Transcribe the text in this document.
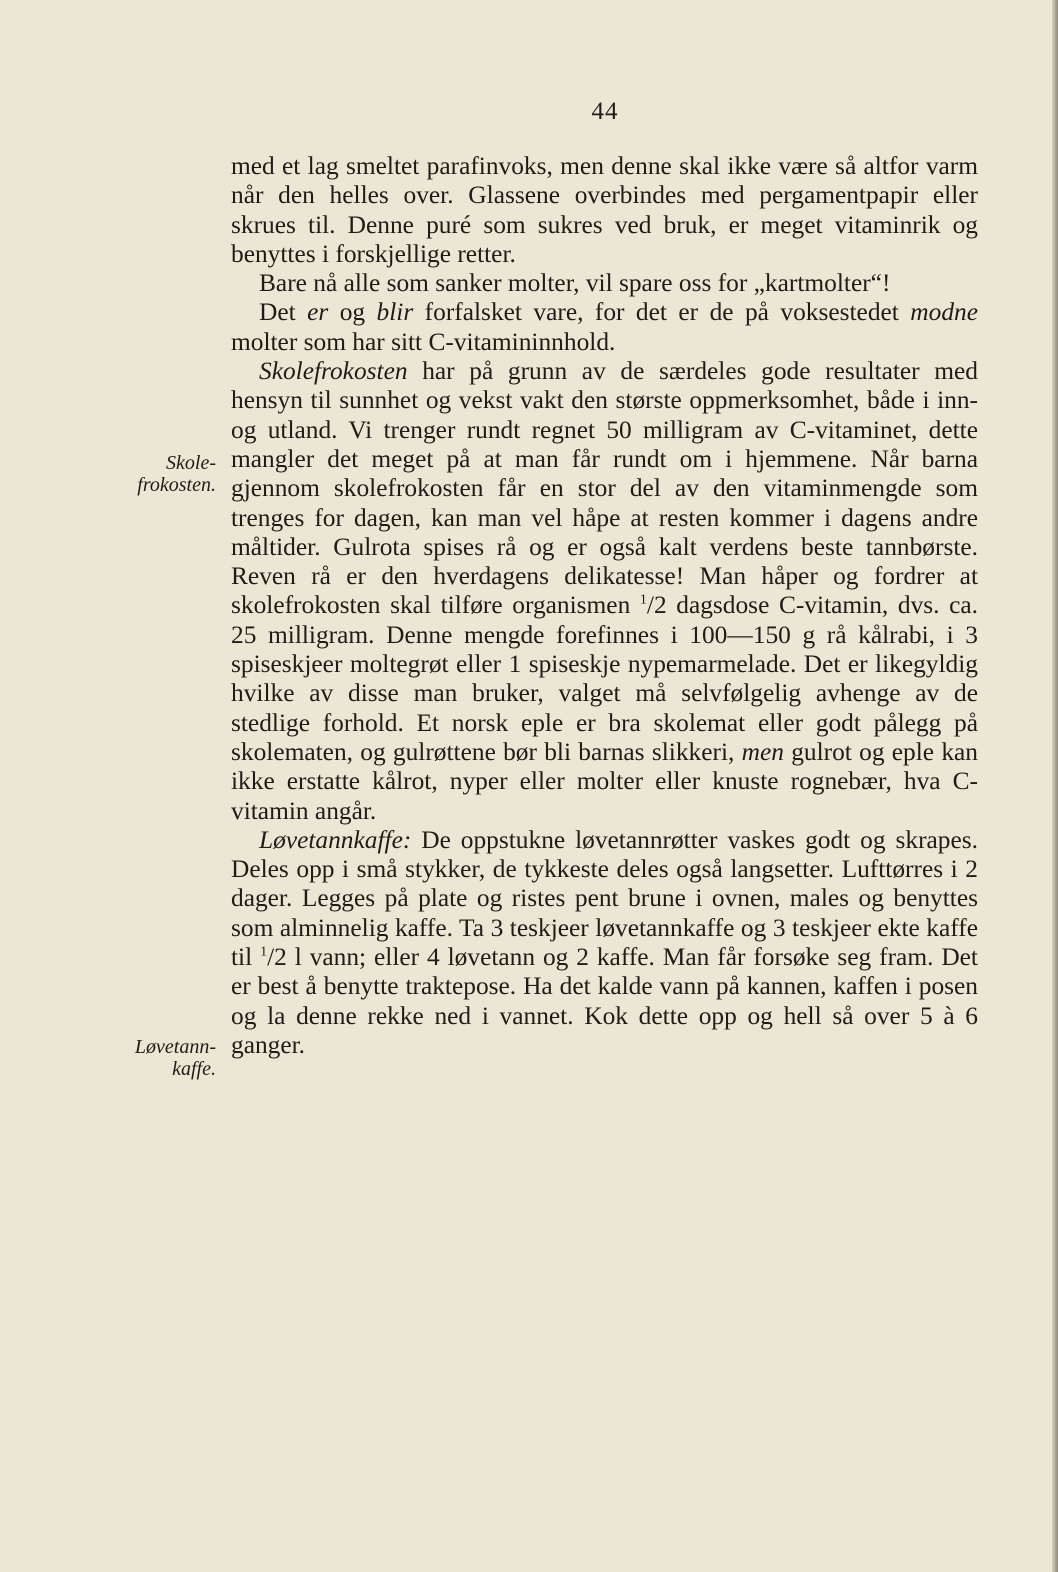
44
Skole-
frokosten.
Løvetann-
kaffe.

med et lag smeltet parafinvoks, men denne skal ikke være så altfor varm når den helles over. Glassene overbindes med pergamentpapir eller skrues til. Denne puré som sukres ved bruk, er meget vitaminrik og benyttes i forskjellige retter.

Bare nå alle som sanker molter, vil spare oss for „kartmolter“!

Det er og blir forfalsket vare, for det er de på voksestedet modne molter som har sitt C-vitamininnhold.

Skolefrokosten har på grunn av de særdeles gode resultater med hensyn til sunnhet og vekst vakt den største oppmerksomhet, både i inn- og utland. Vi trenger rundt regnet 50 milligram av C-vitaminet, dette mangler det meget på at man får rundt om i hjemmene. Når barna gjennom skolefrokosten får en stor del av den vitaminmengde som trenges for dagen, kan man vel håpe at resten kommer i dagens andre måltider. Gulrota spises rå og er også kalt verdens beste tannbørste. Reven rå er den hverdagens delikatesse! Man håper og fordrer at skolefrokosten skal tilføre organismen $^1$/2 dagsdose C-vitamin, dvs. ca. 25 milligram. Denne mengde forefinnes i 100—150 g rå kålrabi, i 3 spiseskjeer moltegrøt eller 1 spiseskje nypemarmelade. Det er likegyldig hvilke av disse man bruker, valget må selvfølgelig avhenge av de stedlige forhold. Et norsk eple er bra skolemat eller godt pålegg på skolematen, og gulrøttene bør bli barnas slikkeri, men gulrot og eple kan ikke erstatte kålrot, nyper eller molter eller knuste rognebær, hva C-vitamin angår.

Løvetannkaffe: De oppstukne løvetannrøtter vaskes godt og skrapes. Deles opp i små stykker, de tykkeste deles også langsetter. Lufttørres i 2 dager. Legges på plate og ristes pent brune i ovnen, males og benyttes som alminnelig kaffe. Ta 3 teskjeer løvetannkaffe og 3 teskjeer ekte kaffe til $^1$/2 l vann; eller 4 løvetann og 2 kaffe. Man får forsøke seg fram. Det er best å benytte traktepose. Ha det kalde vann på kannen, kaffen i posen og la denne rekke ned i vannet. Kok dette opp og hell så over 5 à 6 ganger.
